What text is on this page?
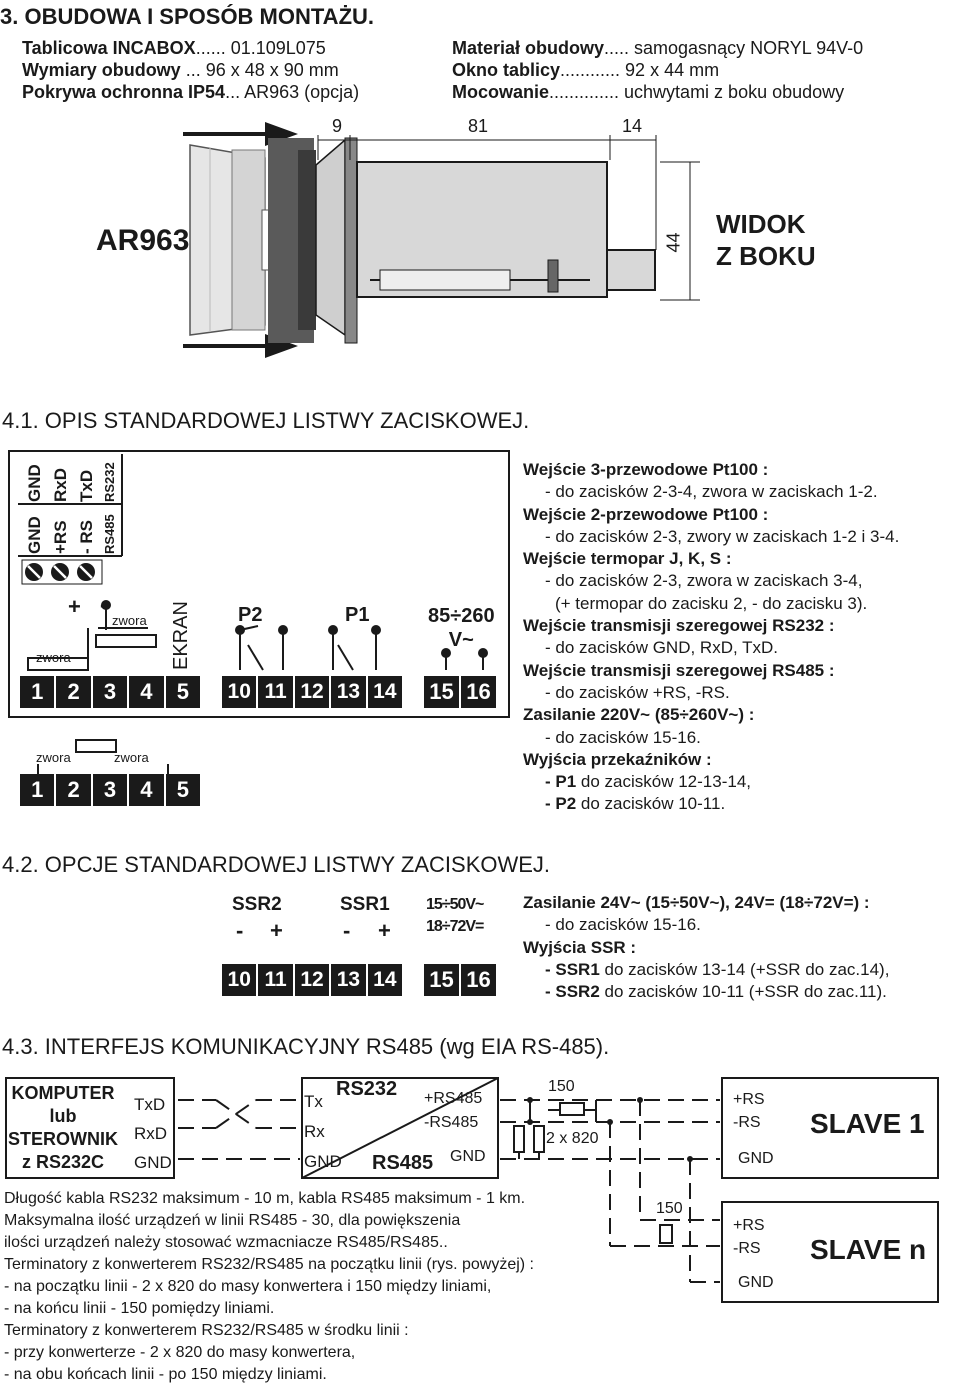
3. OBUDOWA I SPOSÓB MONTAŻU.
Tablicowa INCABOX...... 01.109L075
Wymiary obudowy ... 96 x 48 x 90 mm
Pokrywa ochronna IP54... AR963 (opcja)
Materiał obudowy..... samogasnący NORYL 94V-0
Okno tablicy............ 92 x 44 mm
Mocowanie.............. uchwytami z boku obudowy
9	81	14
44
AR963	WIDOK
Z BOKU
4.1. OPIS STANDARDOWEJ LISTWY ZACISKOWEJ.
GND RxD TxD RS232
GND +RS - RS RS485
+ -
zwora
zwora	EKRAN P2	P1	85÷260
V~
1	2	3	4	5	10 11 12 13 14 15 16
zwora	zwora
1	2	3	4	5
Wejście 3-przewodowe Pt100 :
- do zacisków 2-3-4, zwora w zaciskach 1-2.
Wejście 2-przewodowe Pt100 :
- do zacisków 2-3, zwory w zaciskach 1-2 i 3-4.
Wejście termopar J, K, S :
- do zacisków 2-3, zwora w zaciskach 3-4,
(+ termopar do zacisku 2, - do zacisku 3).
Wejście transmisji szeregowej RS232 :
- do zacisków GND, RxD, TxD.
Wejście transmisji szeregowej RS485 :
- do zacisków +RS, -RS.
Zasilanie 220V~ (85÷260V~) :
- do zacisków 15-16.
Wyjścia przekaźników :
- P1 do zacisków 12-13-14,
- P2 do zacisków 10-11.
4.2. OPCJE STANDARDOWEJ LISTWY ZACISKOWEJ.
SSR2	SSR1
- +	- +
15÷50V~
18÷72V=
10 11 12 13 14 15 16
Zasilanie 24V~ (15÷50V~), 24V= (18÷72V=) :
- do zacisków 15-16.
Wyjścia SSR :
- SSR1 do zacisków 13-14 (+SSR do zac.14),
- SSR2 do zacisków 10-11 (+SSR do zac.11).
4.3. INTERFEJS KOMUNIKACYJNY RS485 (wg EIA RS-485).
KOMPUTER
lub
STEROWNIK
z RS232C
TxD
RxD
GND
Tx
Rx
GND
RS232
RS485
+RS485
-RS485
GND
150
2 x 820
150
+RS
-RS
GND
SLAVE 1
+RS
-RS
GND
SLAVE n
Długość kabla RS232 maksimum - 10 m, kabla RS485 maksimum - 1 km.
Maksymalna ilość urządzeń w linii RS485 - 30, dla powiększenia
ilości urządzeń należy stosować wzmacniacze RS485/RS485..
Terminatory z konwerterem RS232/RS485 na początku linii (rys. powyżej) :
- na początku linii - 2 x 820 do masy konwertera i 150 między liniami,
- na końcu linii - 150 pomiędzy liniami.
Terminatory z konwerterem RS232/RS485 w środku linii :
- przy konwerterze - 2 x 820 do masy konwertera,
- na obu końcach linii - po 150 między liniami.
